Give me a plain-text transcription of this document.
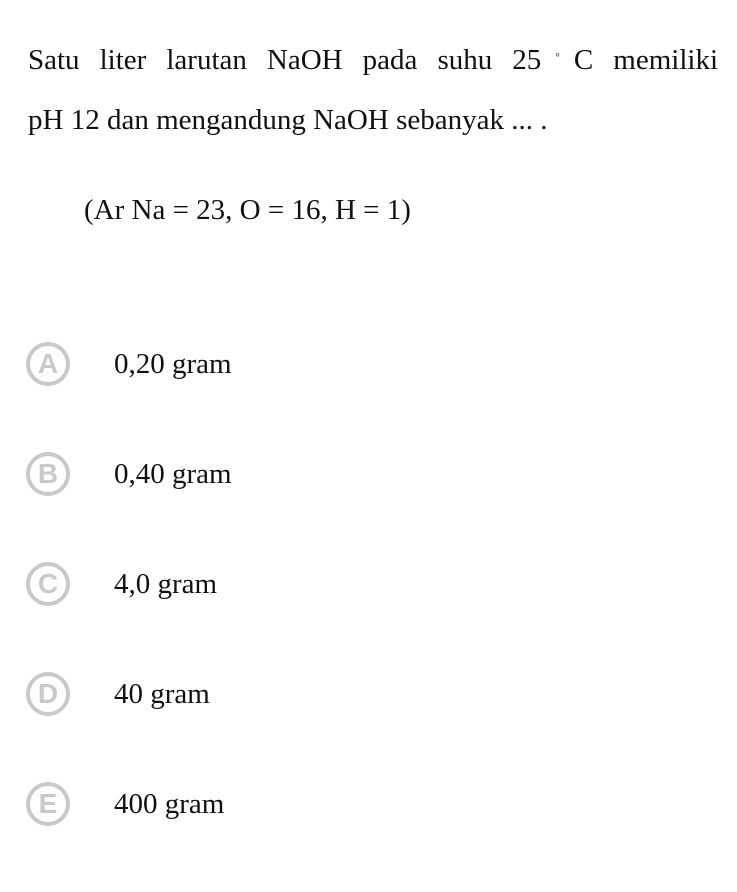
Satu liter larutan NaOH pada suhu 25◦C memiliki
pH 12 dan mengandung NaOH sebanyak ... .
(Ar Na = 23, O = 16, H = 1)
A	0,20 gram
B	0,40 gram
C	4,0 gram
D	40 gram
E	400 gram
